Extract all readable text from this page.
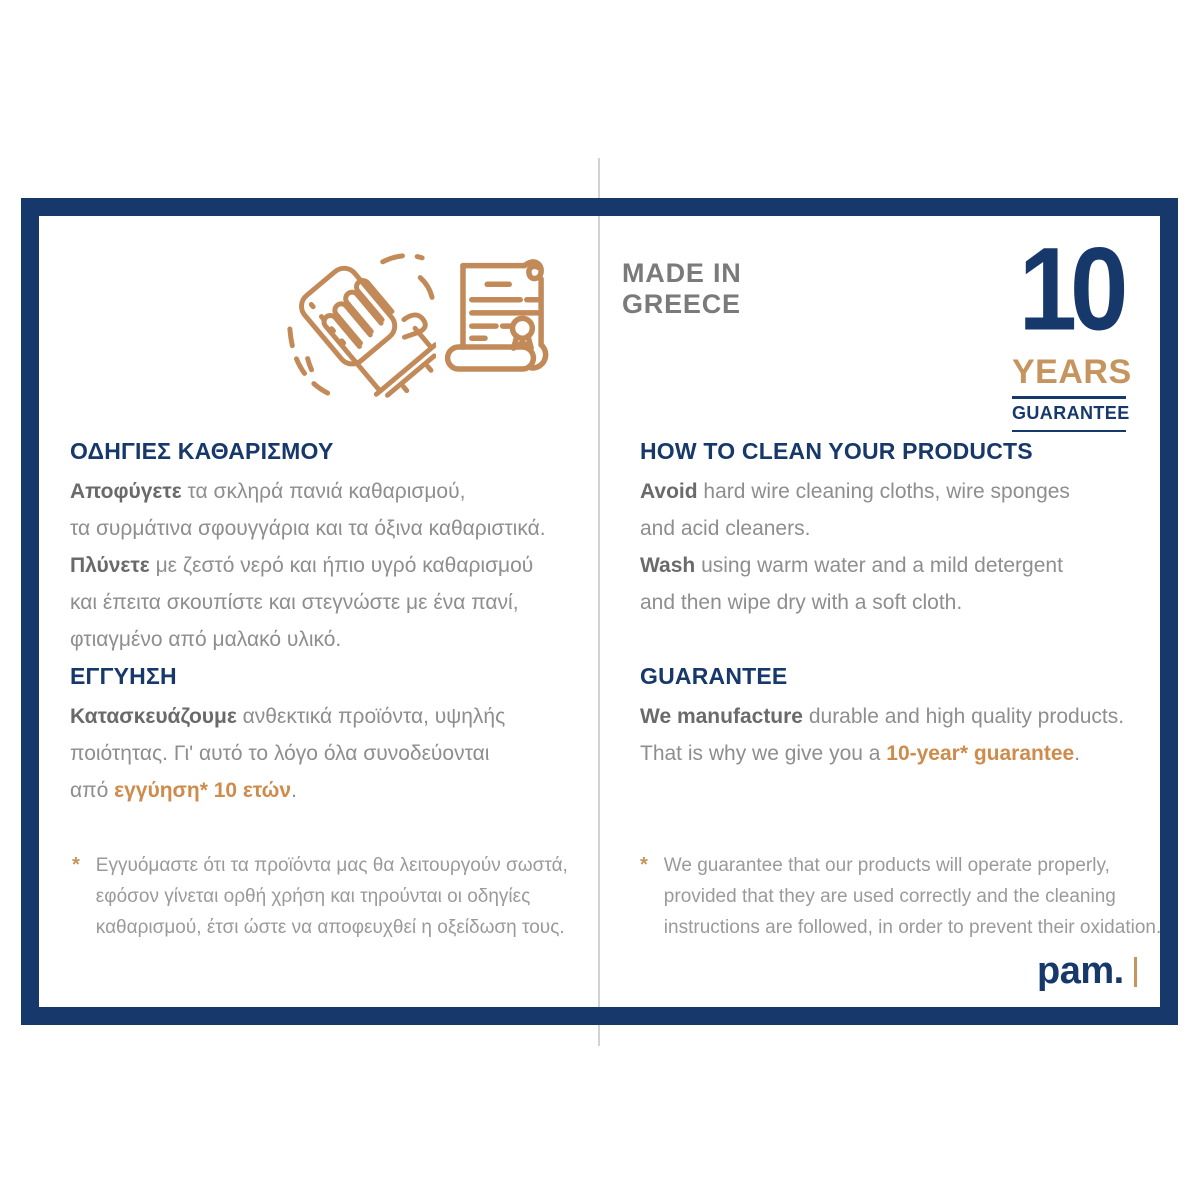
MADE IN
GREECE	10
YEARS
GUARANTEE
ΟΔΗΓΙΕΣ ΚΑΘΑΡΙΣΜΟΥ

Αποφύγετε τα σκληρά πανιά καθαρισμού,

τα συρμάτινα σφουγγάρια και τα όξινα καθαριστικά.

Πλύνετε με ζεστό νερό και ήπιο υγρό καθαρισμού

και έπειτα σκουπίστε και στεγνώστε με ένα πανί,

φτιαγμένο από μαλακό υλικό.

ΕΓΓΥΗΣΗ

Κατασκευάζουμε ανθεκτικά προϊόντα, υψηλής

ποιότητας. Γι' αυτό το λόγο όλα συνοδεύονται

από εγγύηση* 10 ετών.

* Εγγυόμαστε ότι τα προϊόντα μας θα λειτουργούν σωστά,
εφόσον γίνεται ορθή χρήση και τηρούνται οι οδηγίες
καθαρισμού, έτσι ώστε να αποφευχθεί η οξείδωση τους.
HOW TO CLEAN YOUR PRODUCTS

Avoid hard wire cleaning cloths, wire sponges

and acid cleaners.

Wash using warm water and a mild detergent

and then wipe dry with a soft cloth.

GUARANTEE

We manufacture durable and high quality products.

That is why we give you a 10-year* guarantee.

* We guarantee that our products will operate properly,
provided that they are used correctly and the cleaning
instructions are followed, in order to prevent their oxidation.
pam.
